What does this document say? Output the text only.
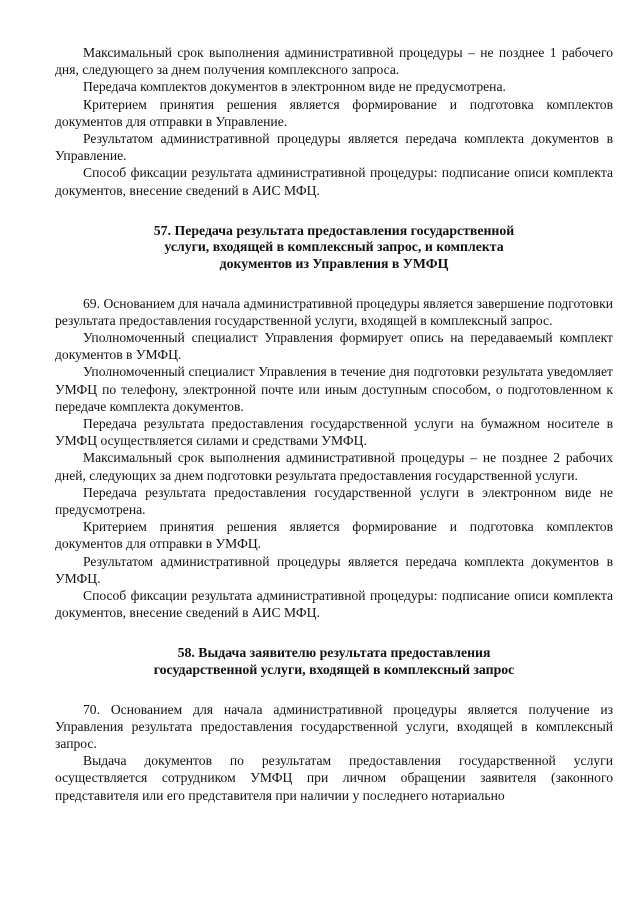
Максимальный срок выполнения административной процедуры – не позднее 1 рабочего дня, следующего за днем получения комплексного запроса.

Передача комплектов документов в электронном виде не предусмотрена.

Критерием принятия решения является формирование и подготовка комплектов документов для отправки в Управление.

Результатом административной процедуры является передача комплекта документов в Управление.

Способ фиксации результата административной процедуры: подписание описи комплекта документов, внесение сведений в АИС МФЦ.

57. Передача результата предоставления государственной
услуги, входящей в комплексный запрос, и комплекта
документов из Управления в УМФЦ

69. Основанием для начала административной процедуры является завершение подготовки результата предоставления государственной услуги, входящей в комплексный запрос.

Уполномоченный специалист Управления формирует опись на передаваемый комплект документов в УМФЦ.

Уполномоченный специалист Управления в течение дня подготовки результата уведомляет УМФЦ по телефону, электронной почте или иным доступным способом, о подготовленном к передаче комплекта документов.

Передача результата предоставления государственной услуги на бумажном носителе в УМФЦ осуществляется силами и средствами УМФЦ.

Максимальный срок выполнения административной процедуры – не позднее 2 рабочих дней, следующих за днем подготовки результата предоставления государственной услуги.

Передача результата предоставления государственной услуги в электронном виде не предусмотрена.

Критерием принятия решения является формирование и подготовка комплектов документов для отправки в УМФЦ.

Результатом административной процедуры является передача комплекта документов в УМФЦ.

Способ фиксации результата административной процедуры: подписание описи комплекта документов, внесение сведений в АИС МФЦ.

58. Выдача заявителю результата предоставления
государственной услуги, входящей в комплексный запрос

70. Основанием для начала административной процедуры является получение из Управления результата предоставления государственной услуги, входящей в комплексный запрос.

Выдача документов по результатам предоставления государственной услуги осуществляется сотрудником УМФЦ при личном обращении заявителя (законного представителя или его представителя при наличии у последнего нотариально
